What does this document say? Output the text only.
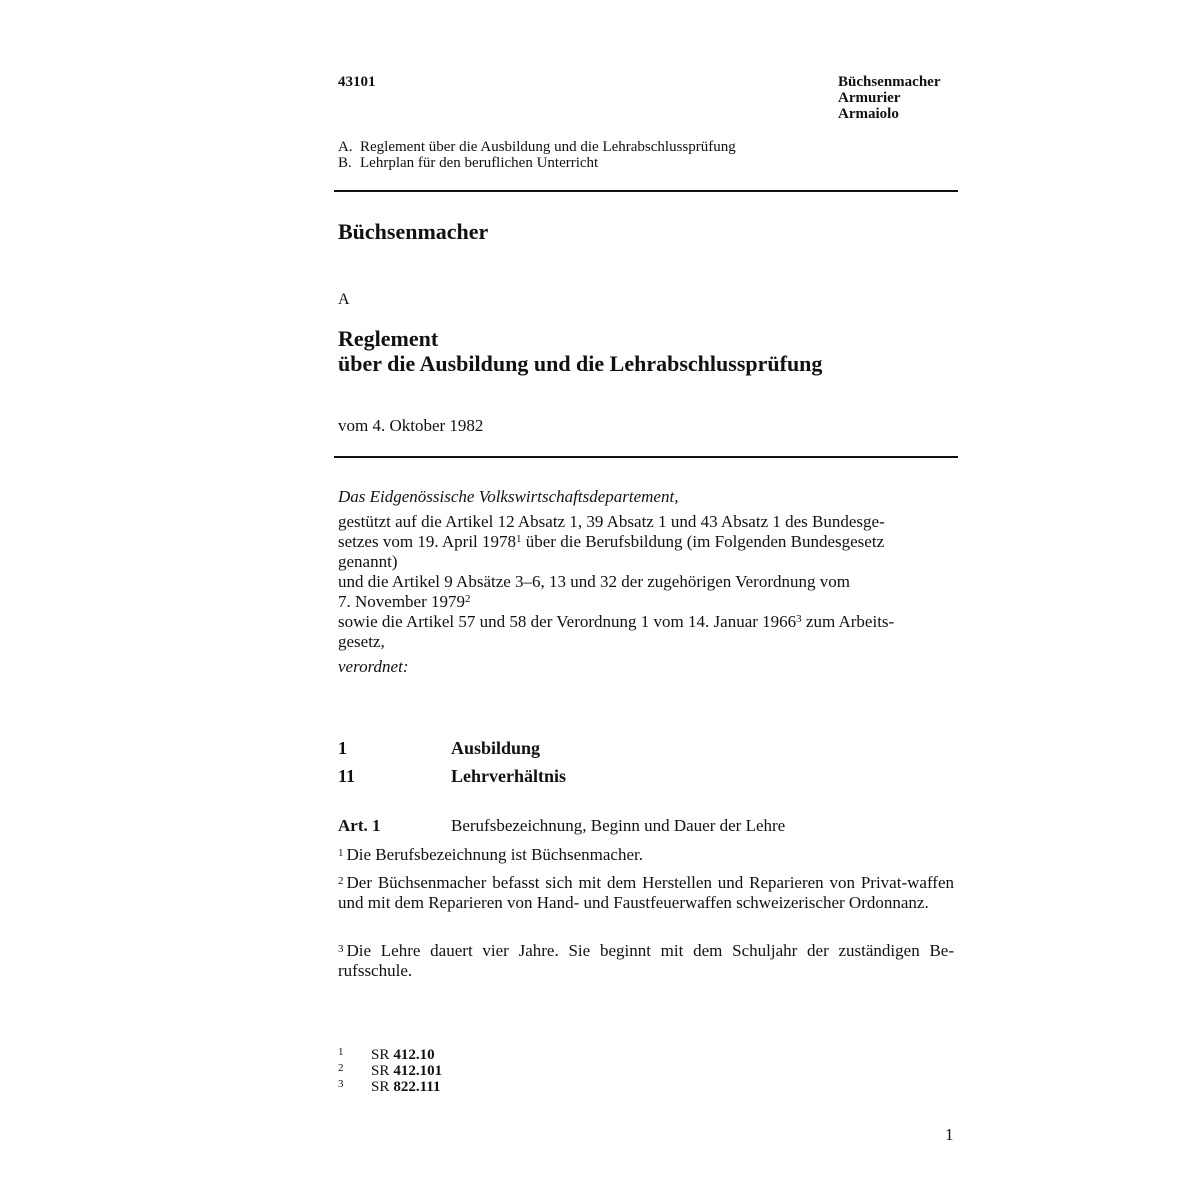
43101	Büchsenmacher
Armurier
Armaiolo
A. Reglement über die Ausbildung und die Lehrabschlussprüfung
B. Lehrplan für den beruflichen Unterricht
Büchsenmacher
A
Reglement
über die Ausbildung und die Lehrabschlussprüfung
vom 4. Oktober 1982
Das Eidgenössische Volkswirtschaftsdepartement,
gestützt auf die Artikel 12 Absatz 1, 39 Absatz 1 und 43 Absatz 1 des Bundesge-
setzes vom 19. April 1978$^1$ über die Berufsbildung (im Folgenden Bundesgesetz
genannt)
und die Artikel 9 Absätze 3–6, 13 und 32 der zugehörigen Verordnung vom
7. November 1979$^2$
sowie die Artikel 57 und 58 der Verordnung 1 vom 14. Januar 1966$^3$ zum Arbeits-
gesetz,
verordnet:
1	Ausbildung
11	Lehrverhältnis
Art. 1	Berufsbezeichnung, Beginn und Dauer der Lehre
$^1$ Die Berufsbezeichnung ist Büchsenmacher.
$^2$ Der Büchsenmacher befasst sich mit dem Herstellen und Reparieren von Privat-waffen und mit dem Reparieren von Hand- und Faustfeuerwaffen schweizerischer Ordonnanz.
$^3$ Die Lehre dauert vier Jahre. Sie beginnt mit dem Schuljahr der zuständigen Be-rufsschule.
1	SR 412.10
2	SR 412.101
3	SR 822.111
1
